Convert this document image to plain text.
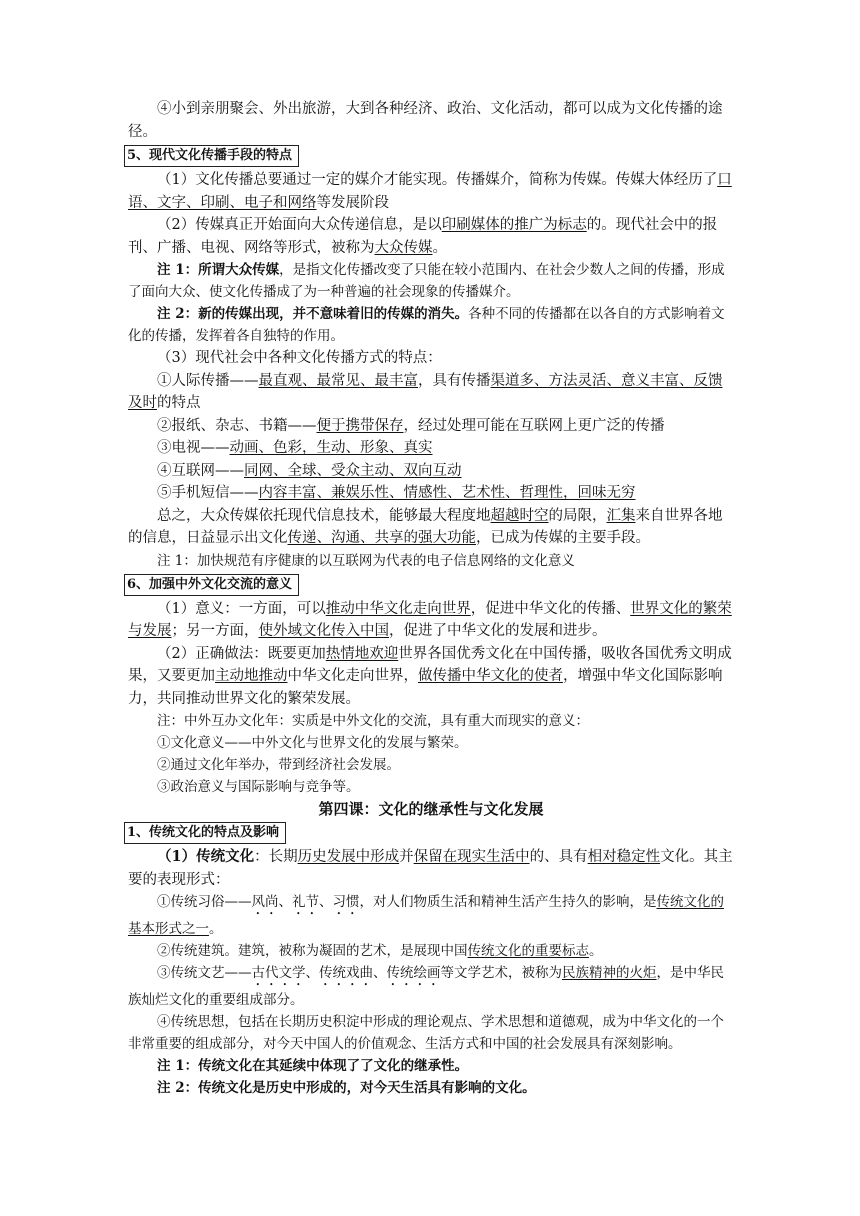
④小到亲朋聚会、外出旅游，大到各种经济、政治、文化活动，都可以成为文化传播的途径。

5、现代文化传播手段的特点

（1）文化传播总要通过一定的媒介才能实现。传播媒介，简称为传媒。传媒大体经历了口语、文字、印刷、电子和网络等发展阶段

（2）传媒真正开始面向大众传递信息，是以印刷媒体的推广为标志的。现代社会中的报刊、广播、电视、网络等形式，被称为大众传媒。

注 1：所谓大众传媒，是指文化传播改变了只能在较小范围内、在社会少数人之间的传播，形成了面向大众、使文化传播成了为一种普遍的社会现象的传播媒介。

注 2：新的传媒出现，并不意味着旧的传媒的消失。各种不同的传播都在以各自的方式影响着文化的传播，发挥着各自独特的作用。

（3）现代社会中各种文化传播方式的特点：

①人际传播——最直观、最常见、最丰富，具有传播渠道多、方法灵活、意义丰富、反馈及时的特点

②报纸、杂志、书籍——便于携带保存，经过处理可能在互联网上更广泛的传播

③电视——动画、色彩，生动、形象、真实

④互联网——同网、全球、受众主动、双向互动

⑤手机短信——内容丰富、兼娱乐性、情感性、艺术性、哲理性，回味无穷

总之，大众传媒依托现代信息技术，能够最大程度地超越时空的局限，汇集来自世界各地的信息，日益显示出文化传递、沟通、共享的强大功能，已成为传媒的主要手段。

注 1：加快规范有序健康的以互联网为代表的电子信息网络的文化意义

6、加强中外文化交流的意义

（1）意义：一方面，可以推动中华文化走向世界，促进中华文化的传播、世界文化的繁荣与发展；另一方面，使外域文化传入中国，促进了中华文化的发展和进步。

（2）正确做法：既要更加热情地欢迎世界各国优秀文化在中国传播，吸收各国优秀文明成果，又要更加主动地推动中华文化走向世界，做传播中华文化的使者，增强中华文化国际影响力，共同推动世界文化的繁荣发展。

注：中外互办文化年：实质是中外文化的交流，具有重大而现实的意义：

①文化意义——中外文化与世界文化的发展与繁荣。

②通过文化年举办，带到经济社会发展。

③政治意义与国际影响与竞争等。

第四课：文化的继承性与文化发展

1、传统文化的特点及影响

（1）传统文化：长期历史发展中形成并保留在现实生活中的、具有相对稳定性文化。其主要的表现形式：

①传统习俗——风尚、礼节、习惯，对人们物质生活和精神生活产生持久的影响，是传统文化的基本形式之一。

②传统建筑。建筑，被称为凝固的艺术，是展现中国传统文化的重要标志。

③传统文艺——古代文学、传统戏曲、传统绘画等文学艺术，被称为民族精神的火炬，是中华民族灿烂文化的重要组成部分。

④传统思想，包括在长期历史积淀中形成的理论观点、学术思想和道德观，成为中华文化的一个非常重要的组成部分，对今天中国人的价值观念、生活方式和中国的社会发展具有深刻影响。

注 1：传统文化在其延续中体现了了文化的继承性。

注 2：传统文化是历史中形成的，对今天生活具有影响的文化。
